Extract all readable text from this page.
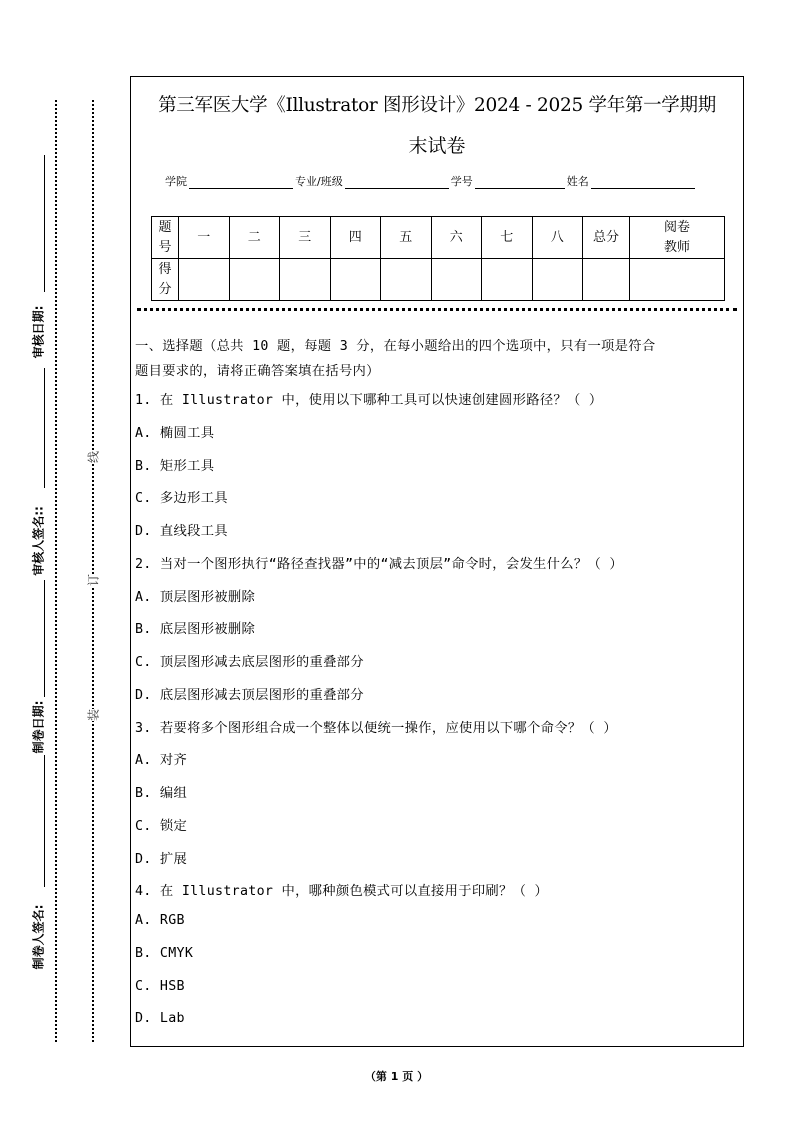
审核日期:
审核人签名::
制卷日期:
制卷人签名:
线
订
装
第三军医大学《Illustrator 图形设计》2024 - 2025 学年第一学期期
末试卷
学院	专业/班级	学号	姓名
题号	一	二	三	四	五	六	七	八	总分	阅卷教师
得分										
一、选择题（总共 10 题，每题 3 分，在每小题给出的四个选项中，只有一项是符合
题目要求的，请将正确答案填在括号内）
1. 在 Illustrator 中，使用以下哪种工具可以快速创建圆形路径？（ ）
A. 椭圆工具
B. 矩形工具
C. 多边形工具
D. 直线段工具
2. 当对一个图形执行“路径查找器”中的“减去顶层”命令时，会发生什么？（ ）
A. 顶层图形被删除
B. 底层图形被删除
C. 顶层图形减去底层图形的重叠部分
D. 底层图形减去顶层图形的重叠部分
3. 若要将多个图形组合成一个整体以便统一操作，应使用以下哪个命令？（ ）
A. 对齐
B. 编组
C. 锁定
D. 扩展
4. 在 Illustrator 中，哪种颜色模式可以直接用于印刷？（ ）
A. RGB
B. CMYK
C. HSB
D. Lab
（第 1 页 ）
